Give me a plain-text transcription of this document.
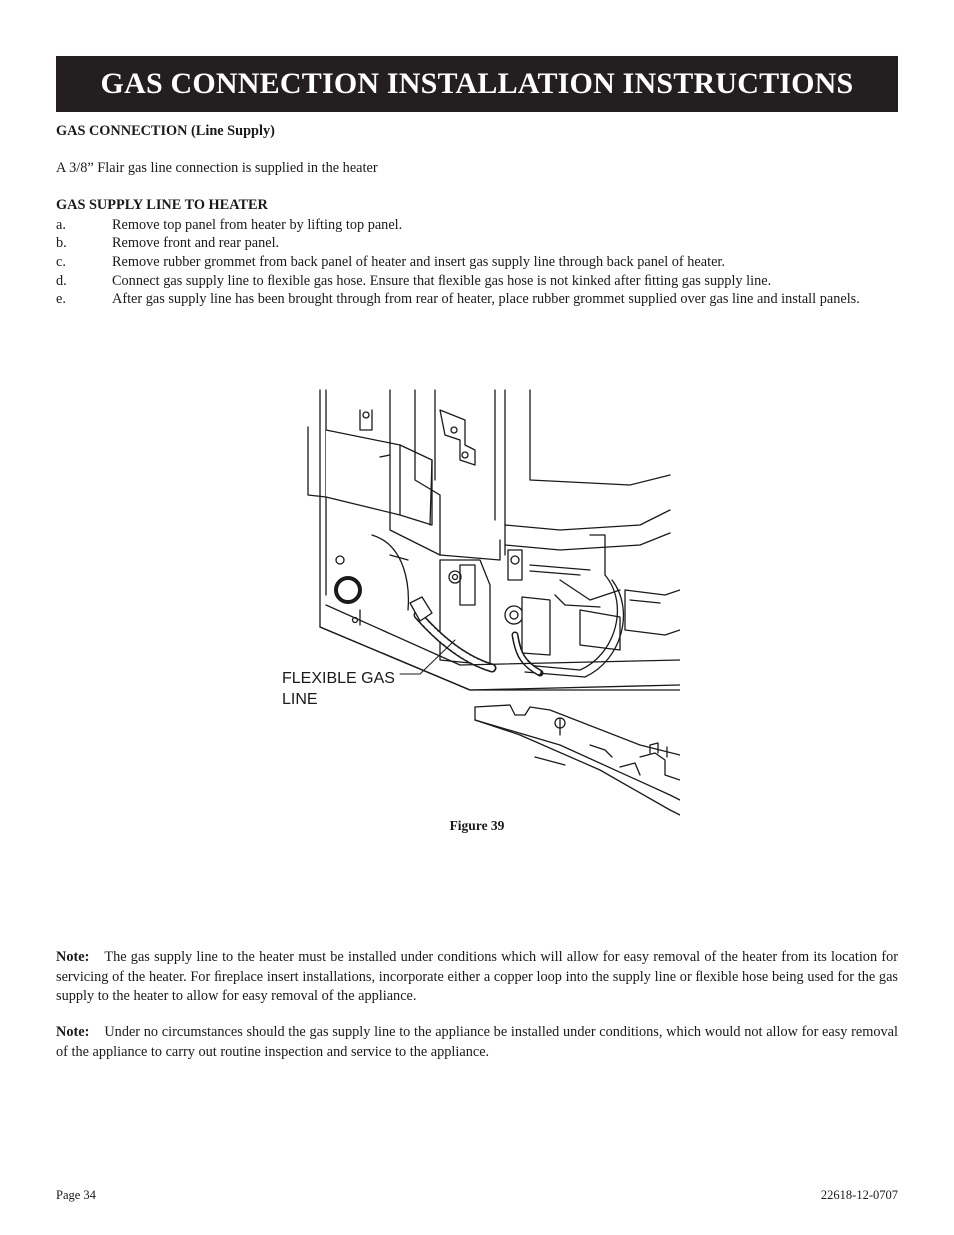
GAS CONNECTION INSTALLATION INSTRUCTIONS
GAS CONNECTION (Line Supply)
A 3/8” Flair gas line connection is supplied in the heater
GAS SUPPLY LINE TO HEATER
a.	Remove top panel from heater by lifting top panel.
b.	Remove front and rear panel.
c.	Remove rubber grommet from back panel of heater and insert gas supply line through back panel of heater.
d.	Connect gas supply line to ﬂexible gas hose. Ensure that ﬂexible gas hose is not kinked after ﬁtting gas supply line.
e.	After gas supply line has been brought through from rear of heater, place rubber grommet supplied over gas line and install panels.
FLEXIBLE GAS
LINE
Figure 39
Note: The gas supply line to the heater must be installed under conditions which will allow for easy removal of the heater from its location for servicing of the heater. For ﬁreplace insert installations, incorporate either a copper loop into the supply line or ﬂexible hose being used for the gas supply to the heater to allow for easy removal of the appliance.
Note: Under no circumstances should the gas supply line to the appliance be installed under conditions, which would not allow for easy removal of the appliance to carry out routine inspection and service to the appliance.
Page 34	22618-12-0707
